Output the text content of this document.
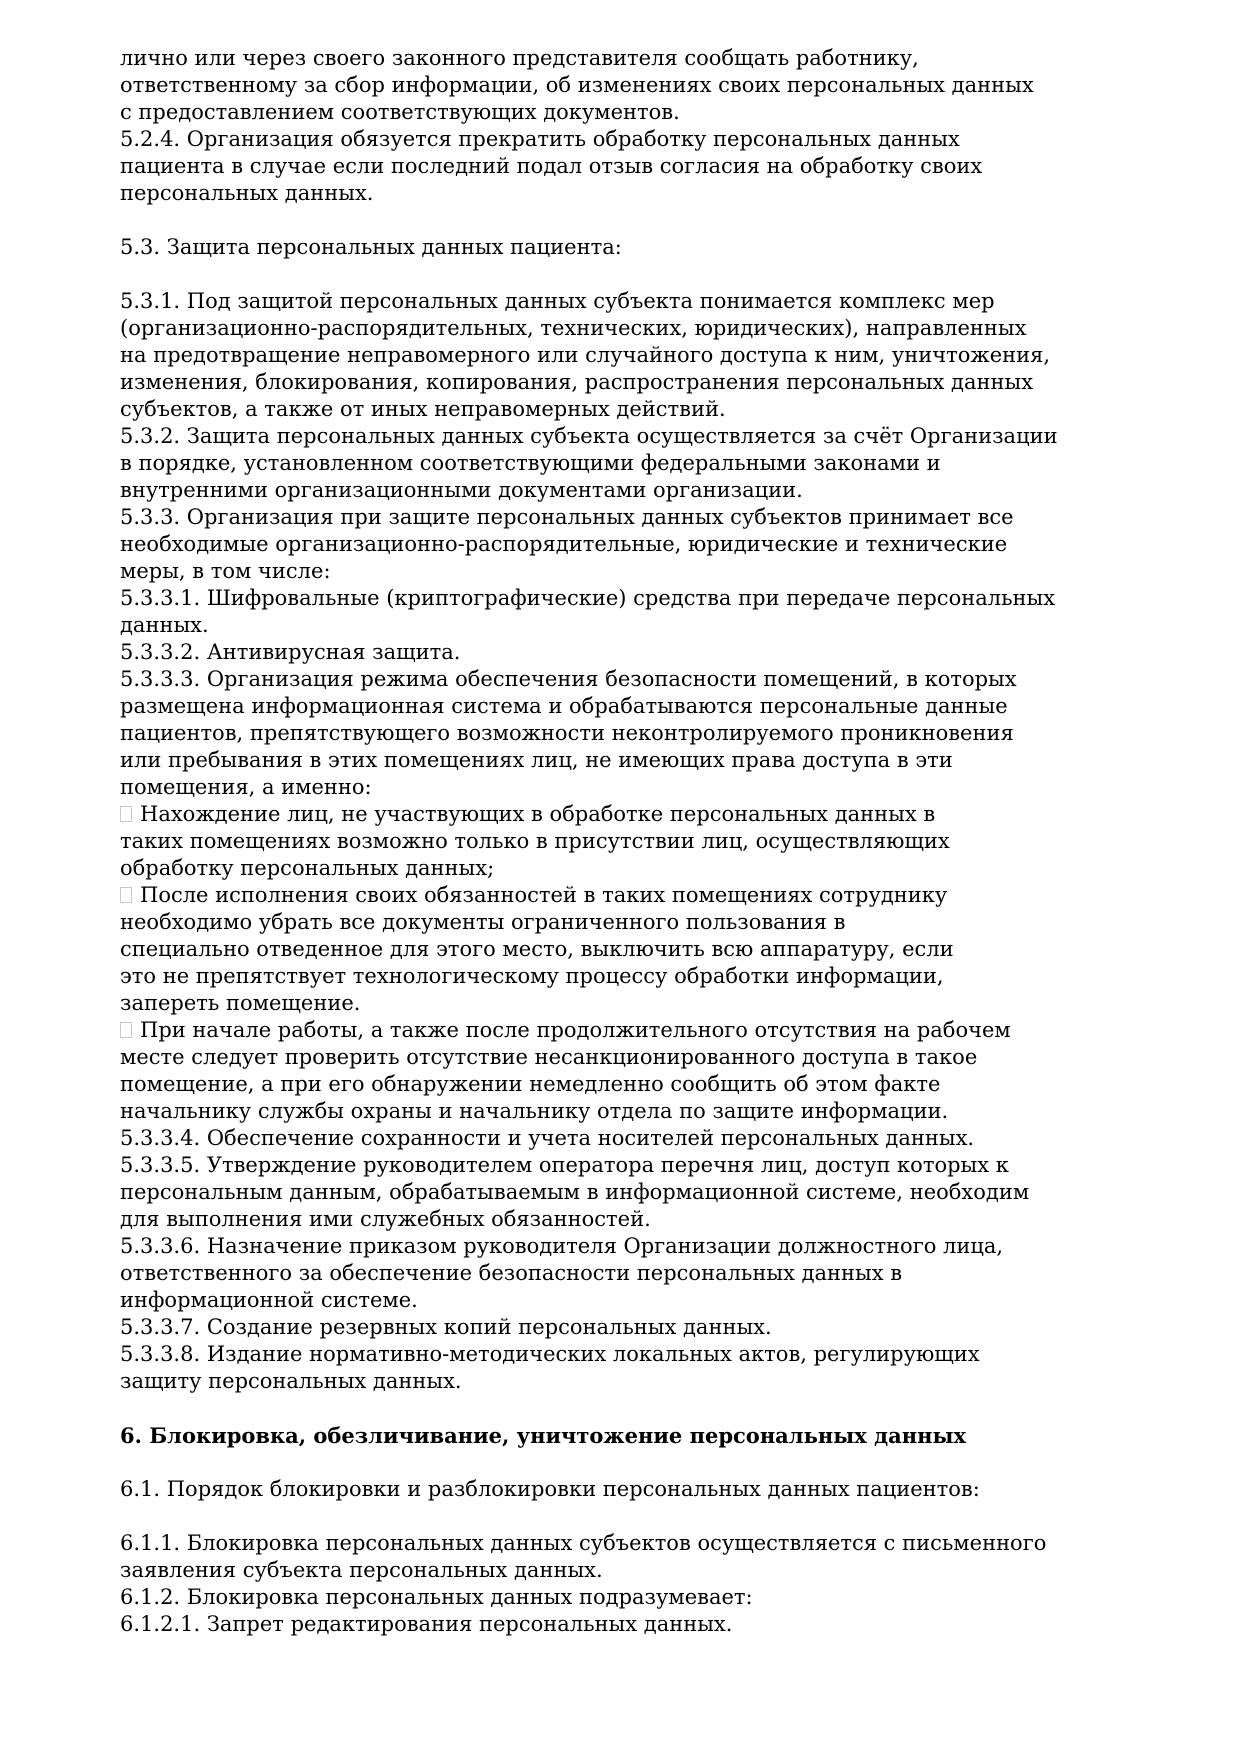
лично или через своего законного представителя сообщать работнику,
ответственному за сбор информации, об изменениях своих персональных данных
с предоставлением соответствующих документов.
5.2.4. Организация обязуется прекратить обработку персональных данных
пациента в случае если последний подал отзыв согласия на обработку своих
персональных данных.
5.3. Защита персональных данных пациента:
5.3.1. Под защитой персональных данных субъекта понимается комплекс мер
(организационно-распорядительных, технических, юридических), направленных
на предотвращение неправомерного или случайного доступа к ним, уничтожения,
изменения, блокирования, копирования, распространения персональных данных
субъектов, а также от иных неправомерных действий.
5.3.2. Защита персональных данных субъекта осуществляется за счёт Организации
в порядке, установленном соответствующими федеральными законами и
внутренними организационными документами организации.
5.3.3. Организация при защите персональных данных субъектов принимает все
необходимые организационно-распорядительные, юридические и технические
меры, в том числе:
5.3.3.1. Шифровальные (криптографические) средства при передаче персональных
данных.
5.3.3.2. Антивирусная защита.
5.3.3.3. Организация режима обеспечения безопасности помещений, в которых
размещена информационная система и обрабатываются персональные данные
пациентов, препятствующего возможности неконтролируемого проникновения
или пребывания в этих помещениях лиц, не имеющих права доступа в эти
помещения, а именно:
Нахождение лиц, не участвующих в обработке персональных данных в
таких помещениях возможно только в присутствии лиц, осуществляющих
обработку персональных данных;
После исполнения своих обязанностей в таких помещениях сотруднику
необходимо убрать все документы ограниченного пользования в
специально отведенное для этого место, выключить всю аппаратуру, если
это не препятствует технологическому процессу обработки информации,
запереть помещение.
При начале работы, а также после продолжительного отсутствия на рабочем
месте следует проверить отсутствие несанкционированного доступа в такое
помещение, а при его обнаружении немедленно сообщить об этом факте
начальнику службы охраны и начальнику отдела по защите информации.
5.3.3.4. Обеспечение сохранности и учета носителей персональных данных.
5.3.3.5. Утверждение руководителем оператора перечня лиц, доступ которых к
персональным данным, обрабатываемым в информационной системе, необходим
для выполнения ими служебных обязанностей.
5.3.3.6. Назначение приказом руководителя Организации должностного лица,
ответственного за обеспечение безопасности персональных данных в
информационной системе.
5.3.3.7. Создание резервных копий персональных данных.
5.3.3.8. Издание нормативно-методических локальных актов, регулирующих
защиту персональных данных.
6. Блокировка, обезличивание, уничтожение персональных данных
6.1. Порядок блокировки и разблокировки персональных данных пациентов:
6.1.1. Блокировка персональных данных субъектов осуществляется с письменного
заявления субъекта персональных данных.
6.1.2. Блокировка персональных данных подразумевает:
6.1.2.1. Запрет редактирования персональных данных.
